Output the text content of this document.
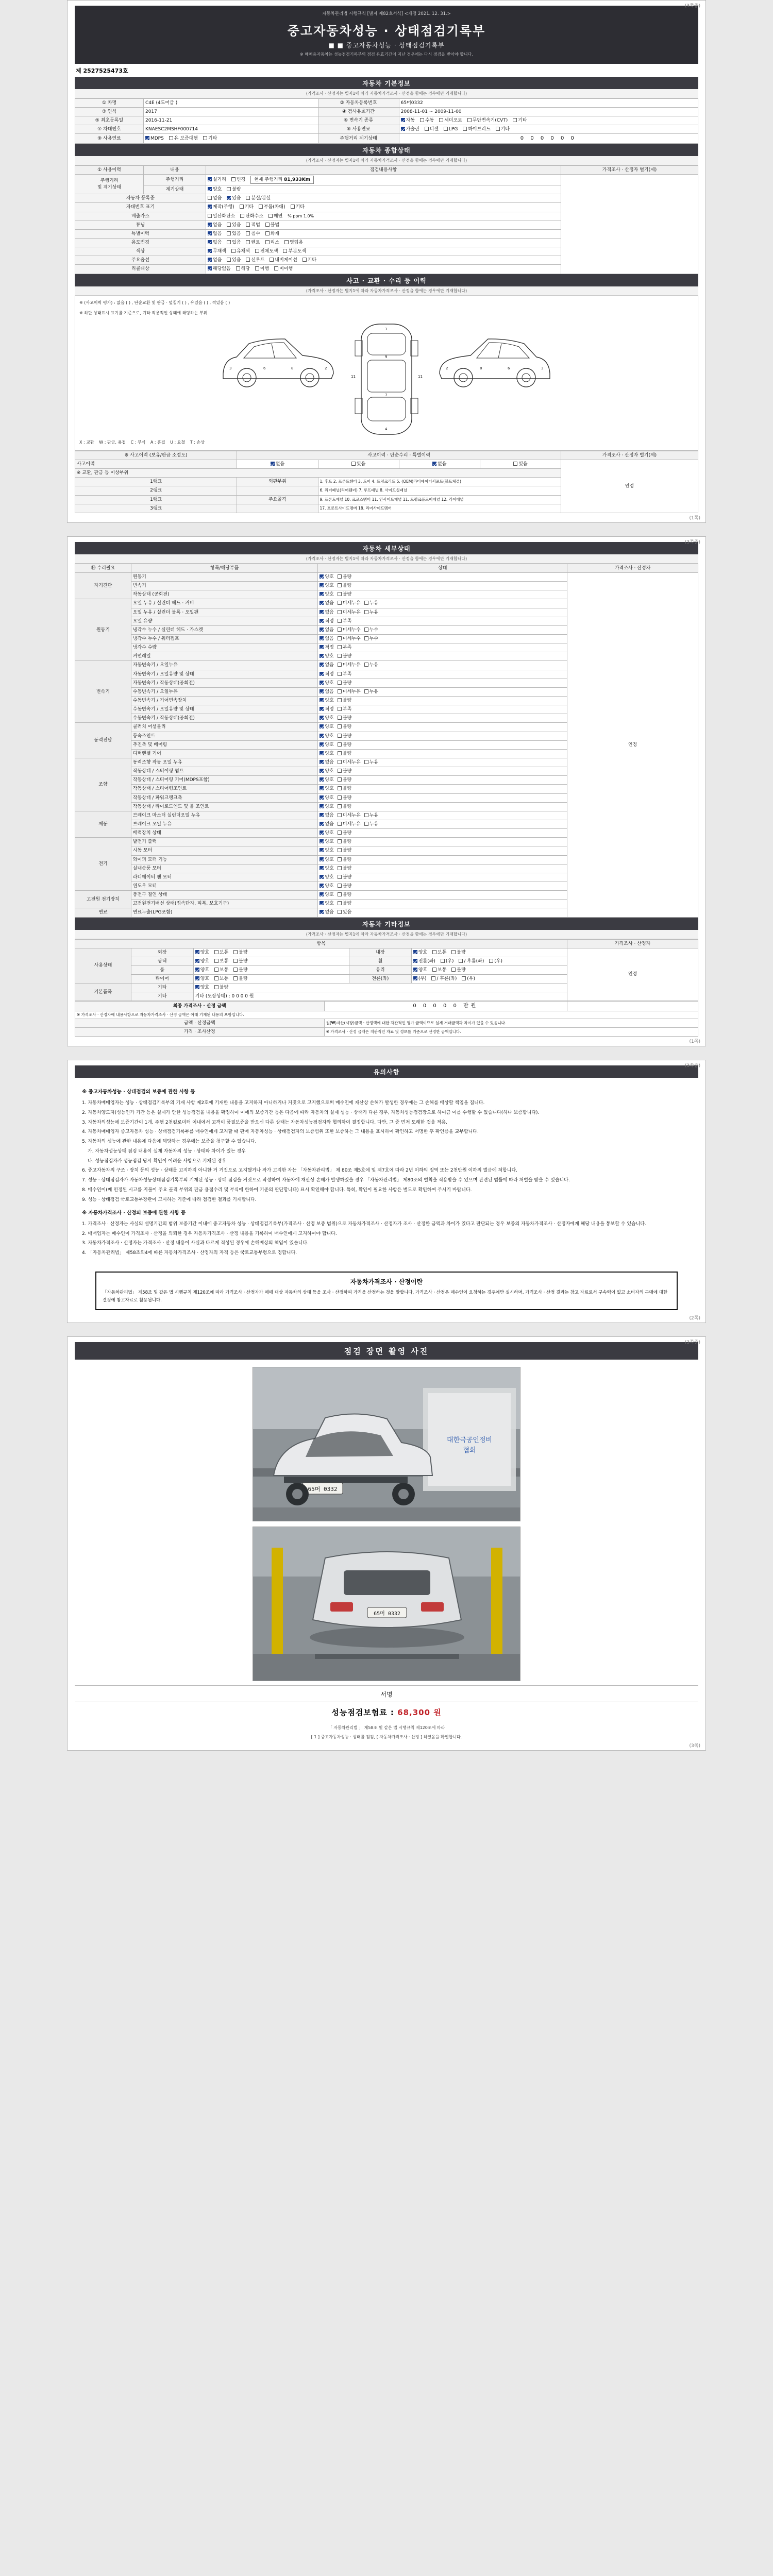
(3쪽중)
자동차관리법 시행규칙 [별지 제82호서식] <개정 2021. 12. 31.>
중고자동차성능 · 상태점검기록부
■ ■ 중고자동차성능 · 상태점검기록부
※ 매매용자동차는 성능점검기록부의 점검 유효기간이 지난 경우에는 다시 점검을 받아야 합니다.
제 2527525473호
자동차 기본정보
(가격조사 · 산정자는 별지1에 따라 자동차가격조사 · 산정을 함에는 경우에만 기재합니다)
① 차명	C4E (4도어급 )	② 자동차등록번호	65머0332
③ 연식	2017	④ 검사유효기간	2008-11-01 ~ 2009-11-00
⑤ 최초등록일	2016-11-21	⑥ 변속기 종류	자동 수동 세미오토 무단변속기(CVT) 기타
⑦ 차대번호	KNAESC2MSHF000714	⑧ 사용연료	가솔린 디젤 LPG 하이브리드 기타
⑨ 사용연료	MDPS 유 보증대행 기타	주행거리 계기상태	0 0 0 0 0 0
자동차 종합상태
(가격조사 · 산정자는 별지1에 따라 자동차가격조사 · 산정을 함에는 경우에만 기재합니다)
① 사용이력	내용	점검내용사항	가격조사 · 산정자 별기(제)
주행거리
및 계기상태	주행거리	실거리 변경 현재 주행거리 81,933Km	
	계기상태	양호 불량	
자동차 등록증		없음 있음 분실/분실	
자대번호 표기		제작(주행) 기타 부품(차대) 기타	
배출가스		일산화탄소 탄화수소 매연 % ppm 1.0%	
튜닝		없음 있음 적법 불법	
특별이력		없음 있음 침수 화재	
용도변경		없음 있음 렌트 리스 영업용	
색상		무채색 유채색 전체도색 부분도색	
주요옵션		없음 있음 선루프 내비게이션 기타	
리콜대상		해당없음 해당 이행 미이행	
사고 · 교환 · 수리 등 이력
(가격조사 · 산정자는 별지1에 따라 자동차가격조사 · 산정을 함에는 경우에만 기재합니다)
※ (사고이력 평가) : 없음 ( ) , 단순교환 및 판금 · 덮칠기 ( ) , 유있음 ( ) , 적있음 ( )
※ 하단 상태표시 표기를 기준으로, 기타 작용적인 상태에 해당하는 부위
3	6	8	2
1
9
7
4
11	11
3
6
8
2
X : 교환 W : 판금, 용접 C : 부식 A : 흠집 U : 요철 T : 손상
※ 사고이력 (보유/판금 소정도)	사고이력 · 단순수리 · 특별이력				가격조사 · 산정자 별기(제)
사고이력	없음	있음	없음	있음	인정
※ 교환, 판금 등 이상부위					
1랭크	외판부위	1. 후드 2. 프론트휀더 3. 도어 4. 트렁크리드 5. (OEM)라디에이터서포트(볼트체결)			
2랭크		6. 쿼터패널(리어휀더) 7. 루프패널 8. 사이드실패널			
1랭크	주요골격	9. 프론트패널 10. 크로스멤버 11. 인사이드패널 11. 트렁크플로어패널 12. 리어패널			
3랭크		17. 프론트사이드멤버 18. 리어사이드멤버			
(1쪽)
(3쪽중)
자동차 세부상태
(가격조사 · 산정자는 별지1에 따라 자동차가격조사 · 산정을 함에는 경우에만 기재합니다)
⑭ 수리필요	항목/해당부품	상태	가격조사 · 산정자
자기진단	원동기	양호 불량	인정
	변속기	양호 불량	
	작동상태 (공회전)	양호 불량	
원동기	오일 누유 / 실린더 헤드 · 커버	없음 미세누유 누유	
	오일 누유 / 실린더 블록 · 오일팬	없음 미세누유 누유	
	오일 유량	적정 부족	
	냉각수 누수 / 실린더 헤드 · 가스켓	없음 미세누수 누수	
	냉각수 누수 / 워터펌프	없음 미세누수 누수	
	냉각수 수량	적정 부족	
	커먼레일	양호 불량	
변속기	자동변속기 / 오일누유	없음 미세누유 누유	
	자동변속기 / 오일유량 및 상태	적정 부족	
	자동변속기 / 작동상태(공회전)	양호 불량	
	수동변속기 / 오일누유	없음 미세누유 누유	
	수동변속기 / 기어변속장치	양호 불량	
	수동변속기 / 오일유량 및 상태	적정 부족	
	수동변속기 / 작동상태(공회전)	양호 불량	
동력전달	클러치 어셈블리	양호 불량	
	등속조인트	양호 불량	
	추진축 및 베어링	양호 불량	
	디퍼렌셜 기어	양호 불량	
조향	동력조향 작동 오일 누유	없음 미세누유 누유	
	작동상태 / 스티어링 펌프	양호 불량	
	작동상태 / 스티어링 기어(MDPS포함)	양호 불량	
	작동상태 / 스티어링조인트	양호 불량	
	작동상태 / 파워크랭크축	양호 불량	
	작동상태 / 타이로드엔드 및 볼 조인트	양호 불량	
제동	브레이크 마스터 실린더오일 누유	없음 미세누유 누유	
	브레이크 오일 누유	없음 미세누유 누유	
	배력장치 상태	양호 불량	
전기	발전기 출력	양호 불량	
	시동 모터	양호 불량	
	와이퍼 모터 기능	양호 불량	
	실내송풍 모터	양호 불량	
	라디에이터 팬 모터	양호 불량	
	윈도우 모터	양호 불량	
고전원 전기장치	충전구 절연 상태	양호 불량	
	고전원전기배선 상태(접속단자, 피복, 보호기구)	양호 불량	
연료	연료누출(LPG포함)	없음 있음	
자동차 기타정보
(가격조사 · 산정자는 별지1에 따라 자동차가격조사 · 산정을 함에는 경우에만 기재합니다)
항목					가격조사 · 산정자
사용상태	외장	양호 보통 불량	내장	양호 보통 불량	인정
	광택	양호 보통 불량	휠	전륜(좌) (우) / 후륜(좌) (우)	
	룸	양호 보통 불량	유리	양호 보통 불량	
	타이어	양호 보통 불량	전륜(좌)	(우) / 후륜(좌) (우)	
기본품목	기타	양호 불량			
	기타	기타 (도장상태) : 0 0 0 0 원			
최종 가격조사 · 산정 금액	0 0 0 0 0 만원	
※ 가격조사 · 산정자에 내용사항으로 자동차가격조사 · 산정 금액은 아래 기재된 내용의 포함입니다.		
금액 · 산정금액	원(₩)자산(시장)금액ㆍ산정액에 대한 객관적인 평가 금액이므로 실제 거래금액과 차이가 있을 수 있음니다.	
가격 · 조사산정	※ 가격조사ㆍ산정 금액은 객관적인 자료 및 정보를 기준으로 산정한 금액입니다.	
(1쪽)
(3쪽중)
유의사항
※ 중고자동차성능 · 상태점검의 보증에 관한 사항 등

1. 자동차매매업자는 성능 · 상태점검기록부의 기재 사항 제2호에 기재한 내용을 고지하지 아니하거나 거짓으로 고지했으로써 매수인에 재산상 손해가 발생한 경우에는 그 손해를 배상할 책임을 집니다.

2. 자동차양도자(성능인가 기간 등은 실제가 안한 성능점검을 내용을 확정하여 이에의 보증기간 등은 다음에 따라 자동차의 실제 성능 · 상태가 다른 경우, 자동차성능점검장으로 하여금 이를 수행할 수 있습니다(하나 보증합니다).

3. 자동차의성능에 보증기간이 1개, 주행 2천킬로미터 이내에서 고객이 품질보증을 받으신 다른 상태는 자동차성능점검자와 협의하여 결정합니다. 다만, 그 중 먼저 도래한 것을 적용.

4. 자동차매매업자 중고자동차 성능 · 상태점검기록부를 매수인에게 고지할 때 판매 자동차성능 · 상태점검자의 보증범위 또한 보증하는 그 내용을 표시하여 확인하고 서명한 후 확인증을 교부합니다.

5. 자동차의 성능에 관한 내용에 다음에 해당하는 경우에는 보증을 청구할 수 있습니다.

가. 자동차성능상태 점검 내용이 실제 자동차의 성능 · 상태와 차이가 있는 경우

나. 성능점검자가 성능점검 당시 확인이 어려운 사항으로 기재된 경우

6. 중고자동차의 구조 · 장치 등의 성능 · 상태를 고지하지 아니한 거 거짓으로 고지했거나 작가 고지한 자는 「자동차관리법」 제 80조 제5호에 및 제7호에 따라 2년 이하의 징역 또는 2천만원 이하의 벌금에 처합니다.

7. 성능 · 상태점검자가 자동차성능상태점검기록부의 기재된 성능 · 상태 점검을 거짓으로 작성하여 자동차에 재산상 손해가 발생하였을 경우 「자동차관리법」 제80조의 벌칙을 적용받을 수 있으며 관련된 법률에 따라 처벌을 받을 수 있습니다.

8. 매수인이(매 인정된 시고를 지불이 주요 골격 부위의 판금 용접수리 및 부식에 한하여 기준의 판단합니다) 표시 확인해야 합니다. 특히, 확인이 필요한 사항은 별도로 확인하여 주시기 바랍니다.

9. 성능 · 상태점검 국토교통부장관이 고시하는 기준에 따라 점검한 결과를 기재합니다.

※ 자동차가격조사 · 산정의 보증에 관한 사항 등

1. 가격조사 · 산정자는 사실의 설명기간의 범위 보증기간 이내에 중고자동차 성능 · 상태점검기록부(가격조사 · 산정 보증 범위)으로 자동차가격조사 · 산정자가 조사 · 산정한 금액과 차이가 있다고 판단되는 경우 보증의 자동차가격조사 · 산정자에게 해당 내용을 통보할 수 있습니다.

2. 매매업자는 매수인이 가격조사 · 산정을 의뢰한 경우 자동차가격조사 · 산정 내용을 기록하여 매수인에게 고지하여야 합니다.

3. 자동차가격조사ㆍ산정자는 가격조사ㆍ산정 내용이 사실과 다르게 적성된 경우에 손해배상의 책임이 있습니다.

4. 「자동차관리법」 제58조의4에 따른 자동차가격조사 · 산정자의 자격 등은 국토교통부령으로 정합니다.

자동차가격조사 · 산정이란
「자동차관리법」 제58조 및 같은 법 시행규칙 제120조에 따라 가격조사 · 산정자가 매매 대상 자동차의 상태 등을 조사 · 산정하여 가격을 산정하는 것을 말합니다. 가격조사 · 산정은 매수인이 요청하는 경우에만 실시하며, 가격조사 · 산정 결과는 참고 자료로서 구속력이 없고 소비자의 구매에 대한 결정에 참고자료로 활용됩니다.
(2쪽)
(3쪽중)
점검 장면 촬영 사진
대한국공인정비
협회
65머 0332
65머 0332
서명
성능점검보험료 : 68,300 원
「 자동차관리법 」 제58조 및 같은 법 시행규칙 제120조에 따라
[ 1 ] 중고자동차성능 · 상태를 점검, [ 자동차가격조사 · 산정 ] 하였음을 확인합니다.
(3쪽)
